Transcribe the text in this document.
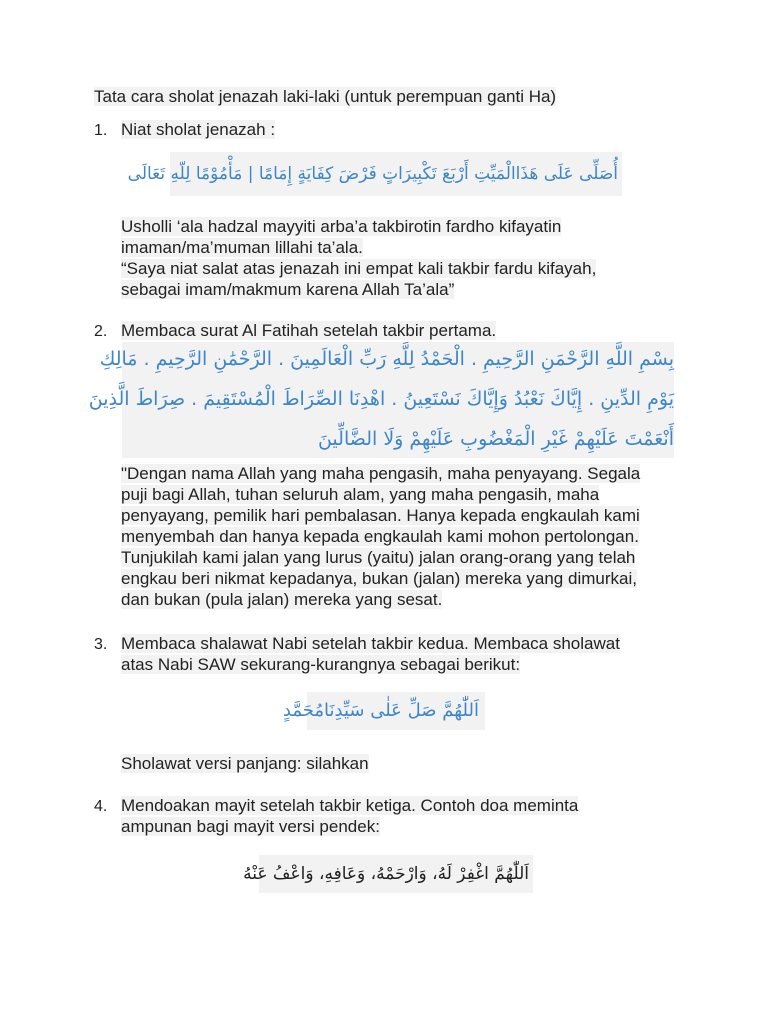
Tata cara sholat jenazah laki-laki (untuk perempuan ganti Ha)
1. Niat sholat jenazah :
أُصَلِّى عَلَى هَذَاالْمَيِّتِ أَرْبَعَ تَكْبِيرَاتٍ فَرْضَ كِفَايَةٍ إِمَامًا | مَأْمُوْمًا لِلّهِ تَعَالَى
Usholli ‘ala hadzal mayyiti arba’a takbirotin fardho kifayatin
imaman/ma’muman lillahi ta’ala.
“Saya niat salat atas jenazah ini empat kali takbir fardu kifayah,
sebagai imam/makmum karena Allah Ta’ala”
2. Membaca surat Al Fatihah setelah takbir pertama.
بِسْمِ اللَّهِ الرَّحْمَنِ الرَّحِيمِ . الْحَمْدُ لِلَّهِ رَبِّ الْعَالَمِينَ . الرَّحْمَٰنِ الرَّحِيمِ . مَالِكِ
يَوْمِ الدِّينِ . إِيَّاكَ نَعْبُدُ وَإِيَّاكَ نَسْتَعِينُ . اهْدِنَا الصِّرَاطَ الْمُسْتَقِيمَ . صِرَاطَ الَّذِينَ
أَنْعَمْتَ عَلَيْهِمْ غَيْرِ الْمَغْضُوبِ عَلَيْهِمْ وَلَا الضَّالِّينَ
"Dengan nama Allah yang maha pengasih, maha penyayang. Segala
puji bagi Allah, tuhan seluruh alam, yang maha pengasih, maha
penyayang, pemilik hari pembalasan. Hanya kepada engkaulah kami
menyembah dan hanya kepada engkaulah kami mohon pertolongan.
Tunjukilah kami jalan yang lurus (yaitu) jalan orang-orang yang telah
engkau beri nikmat kepadanya, bukan (jalan) mereka yang dimurkai,
dan bukan (pula jalan) mereka yang sesat.
3. Membaca shalawat Nabi setelah takbir kedua. Membaca sholawat
atas Nabi SAW sekurang-kurangnya sebagai berikut:
اَللّٰهُمَّ صَلِّ عَلٰى سَيِّدِنَامُحَمَّدٍ
Sholawat versi panjang: silahkan
4. Mendoakan mayit setelah takbir ketiga. Contoh doa meminta
ampunan bagi mayit versi pendek:
اَللّٰهُمَّ اغْفِرْ لَهُ، وَارْحَمْهُ، وَعَافِهِ، وَاعْفُ عَنْهُ
